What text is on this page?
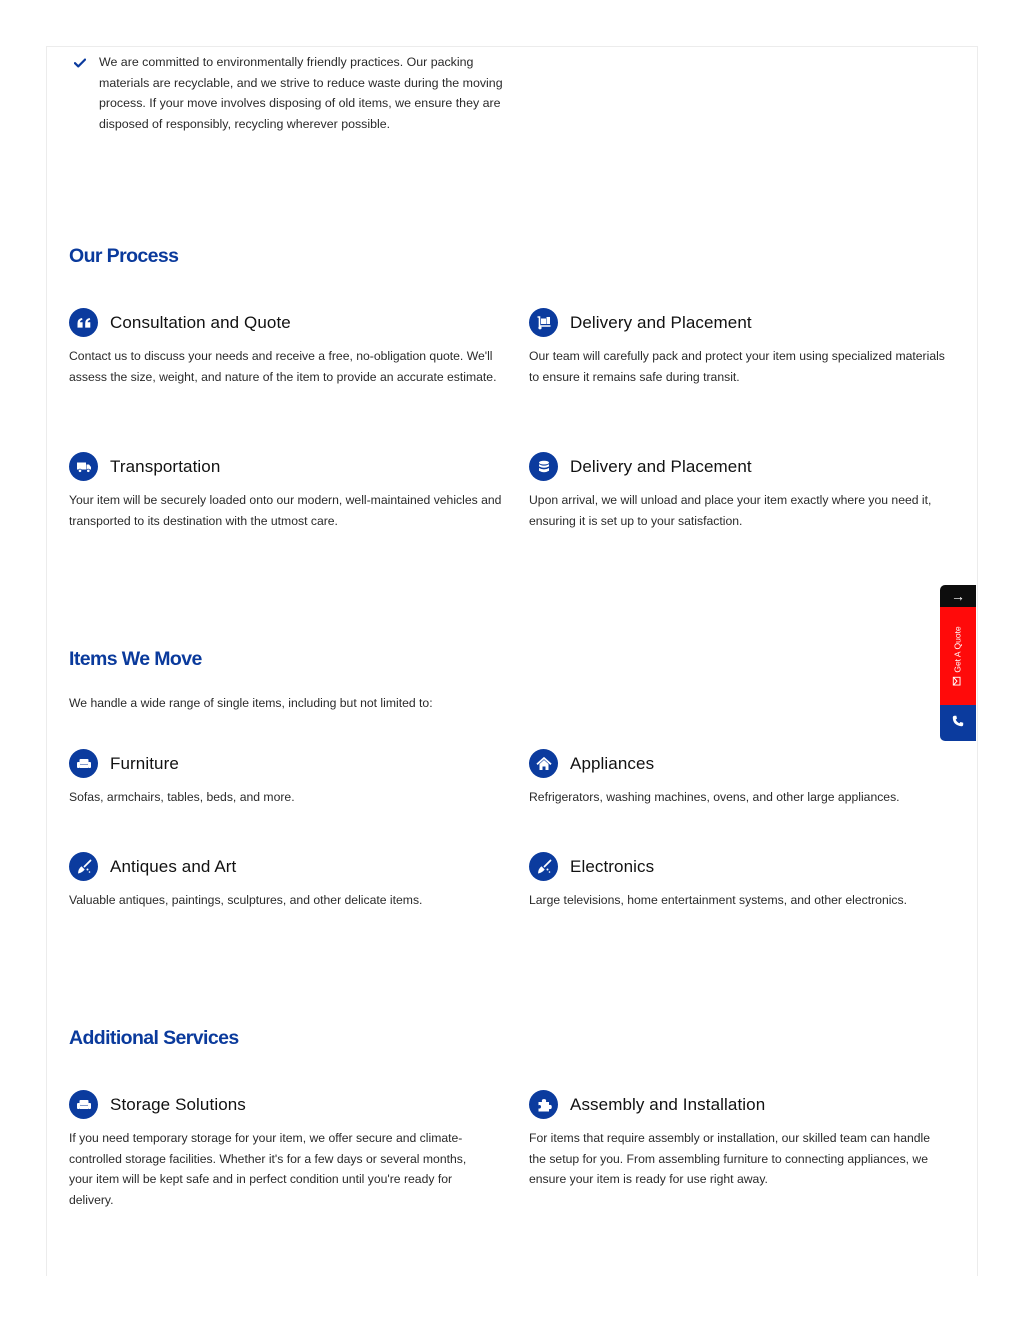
We are committed to environmentally friendly practices. Our packing materials are recyclable, and we strive to reduce waste during the moving process. If your move involves disposing of old items, we ensure they are disposed of responsibly, recycling wherever possible.

Our Process
Consultation and Quote

Contact us to discuss your needs and receive a free, no-obligation quote. We'll assess the size, weight, and nature of the item to provide an accurate estimate.

Delivery and Placement

Our team will carefully pack and protect your item using specialized materials to ensure it remains safe during transit.

Transportation

Your item will be securely loaded onto our modern, well-maintained vehicles and transported to its destination with the utmost care.

Delivery and Placement

Upon arrival, we will unload and place your item exactly where you need it, ensuring it is set up to your satisfaction.

Items We Move

We handle a wide range of single items, including but not limited to:

Furniture

Sofas, armchairs, tables, beds, and more.

Appliances

Refrigerators, washing machines, ovens, and other large appliances.

Antiques and Art

Valuable antiques, paintings, sculptures, and other delicate items.

Electronics

Large televisions, home entertainment systems, and other electronics.

Additional Services
Storage Solutions

If you need temporary storage for your item, we offer secure and climate-controlled storage facilities. Whether it's for a few days or several months, your item will be kept safe and in perfect condition until you're ready for delivery.

Assembly and Installation

For items that require assembly or installation, our skilled team can handle the setup for you. From assembling furniture to connecting appliances, we ensure your item is ready for use right away.

→
Get A Quote
